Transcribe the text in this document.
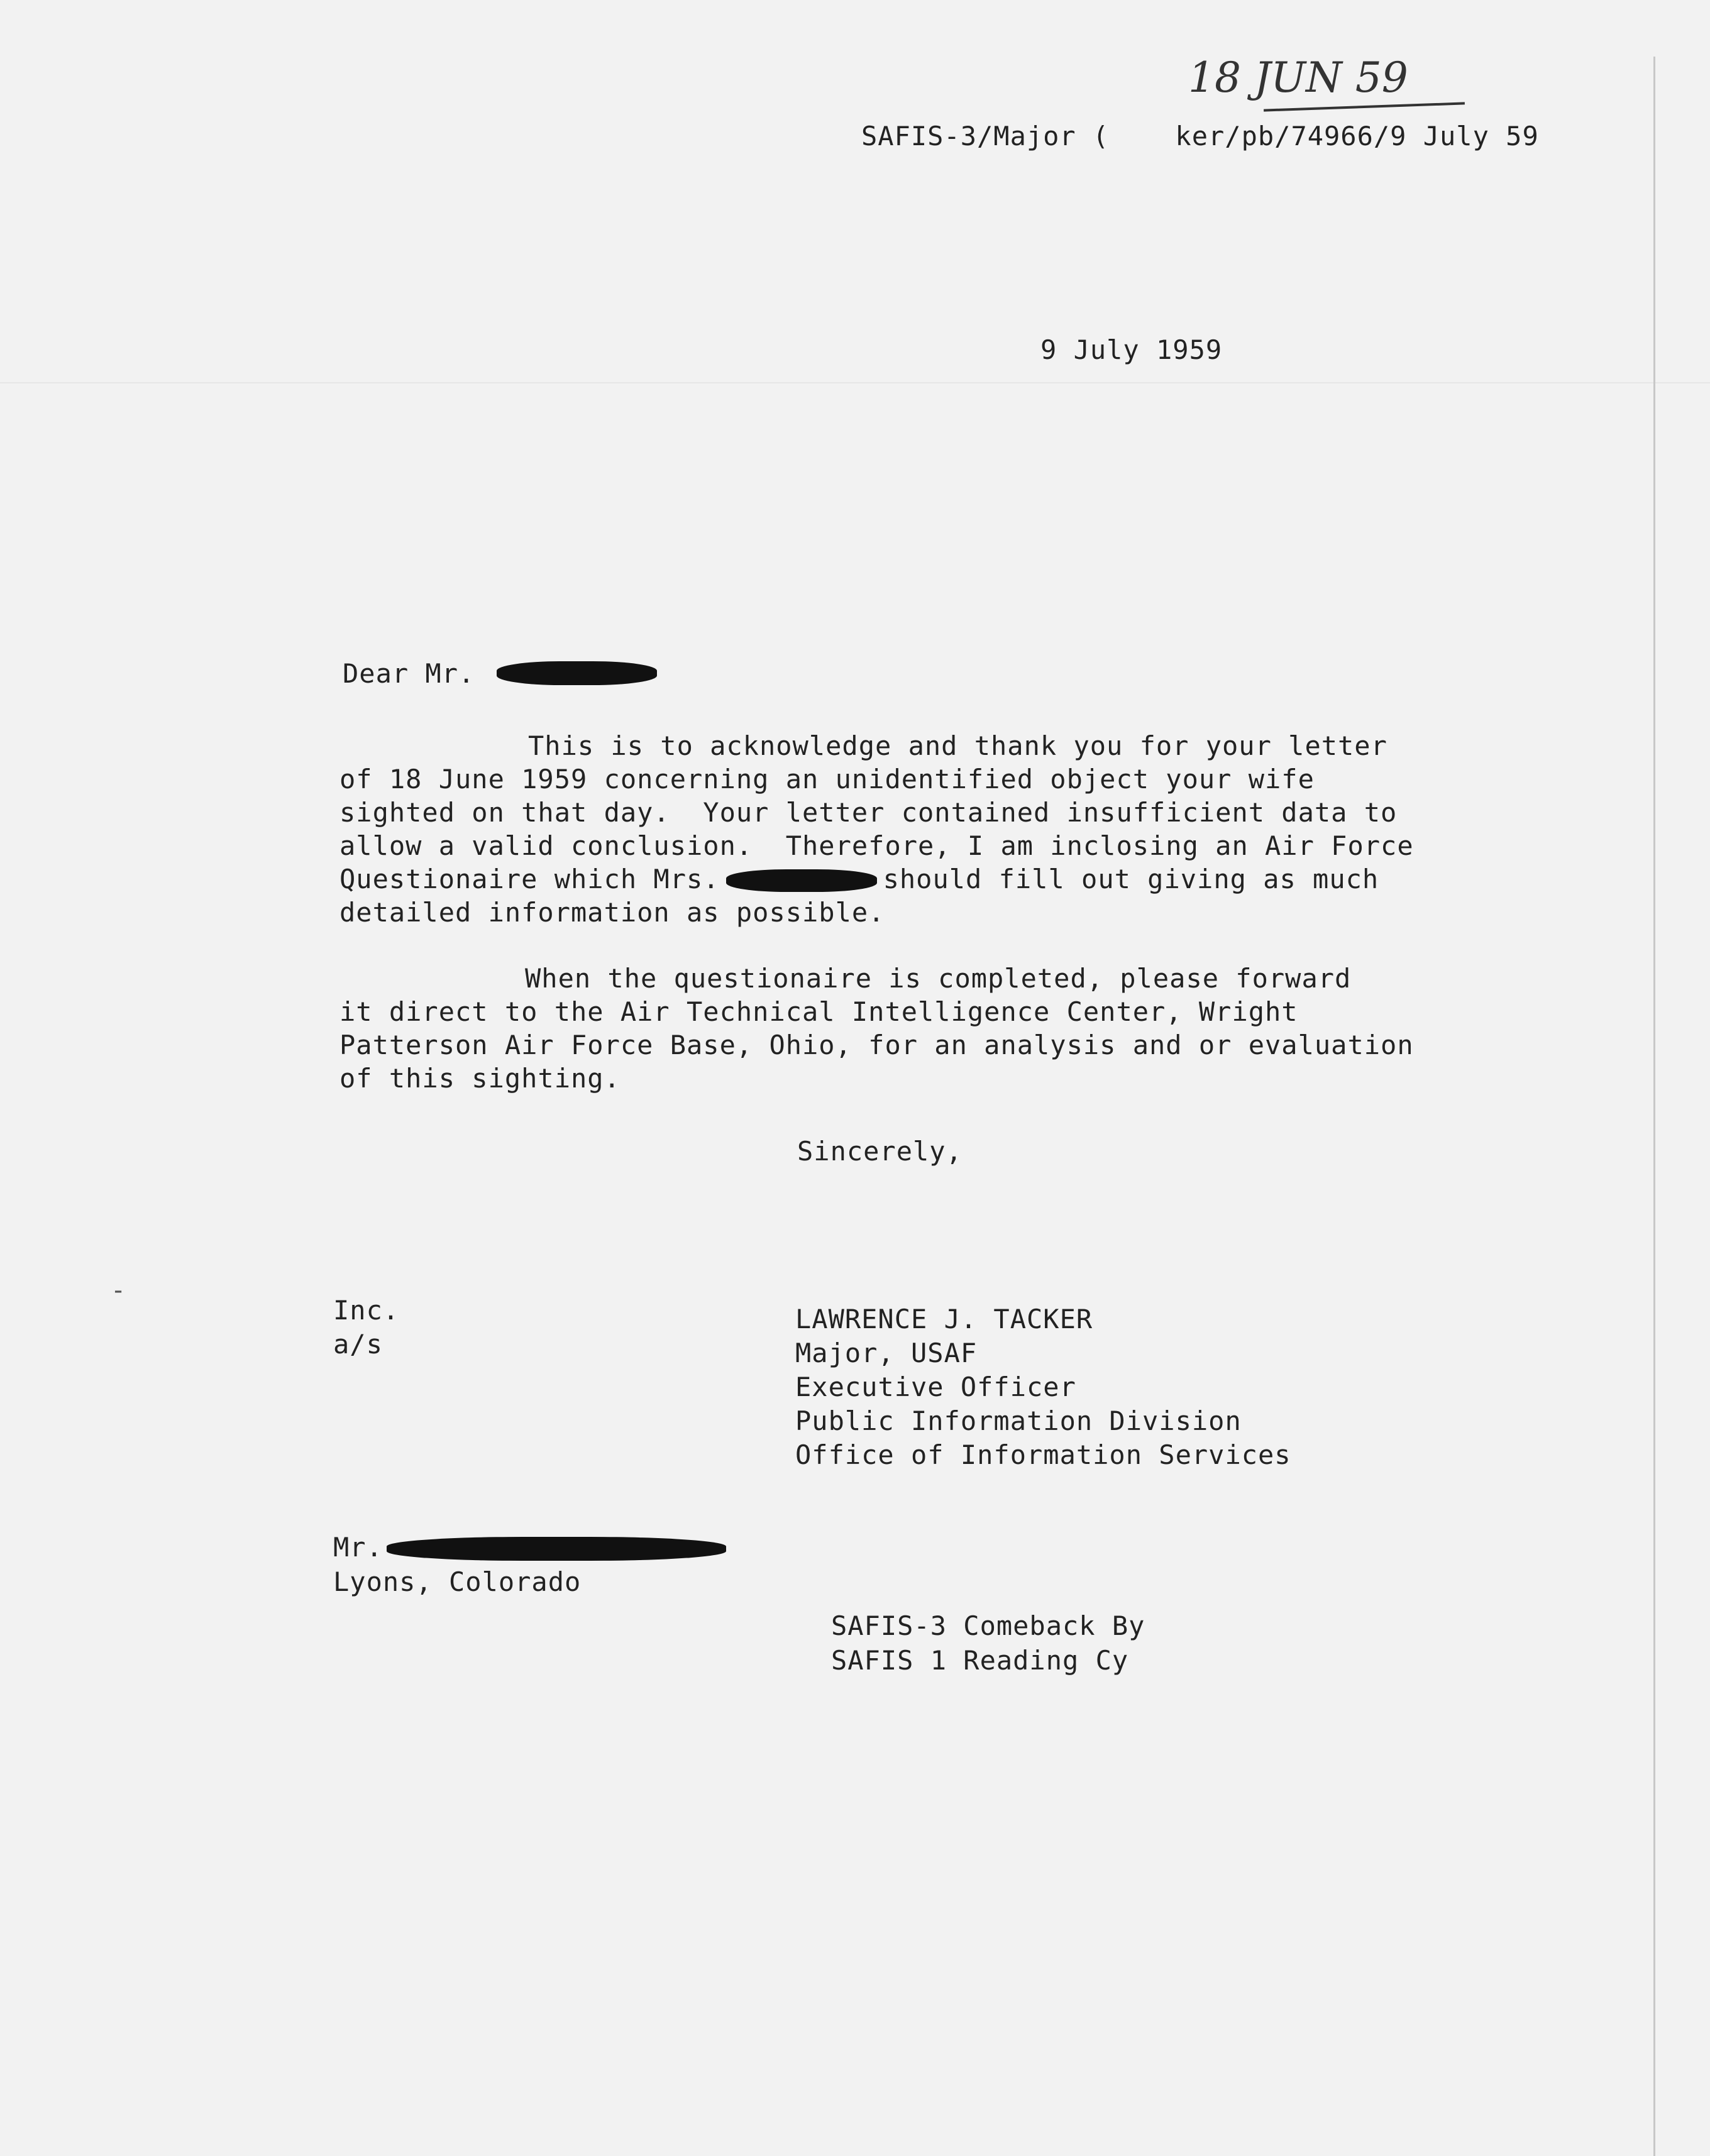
-
18 JUN 59
SAFIS-3/Major (    ker/pb/74966/9 July 59
9 July 1959
Dear Mr.
This is to acknowledge and thank you for your letter
of 18 June 1959 concerning an unidentified object your wife
sighted on that day.  Your letter contained insufficient data to
allow a valid conclusion.  Therefore, I am inclosing an Air Force
Questionaire which Mrs.	should fill out giving as much
detailed information as possible.
When the questionaire is completed, please forward
it direct to the Air Technical Intelligence Center, Wright
Patterson Air Force Base, Ohio, for an analysis and or evaluation
of this sighting.
Sincerely,
Inc.
a/s
LAWRENCE J. TACKER
Major, USAF
Executive Officer
Public Information Division
Office of Information Services
Mr.
Lyons, Colorado
SAFIS-3 Comeback By
SAFIS 1 Reading Cy
